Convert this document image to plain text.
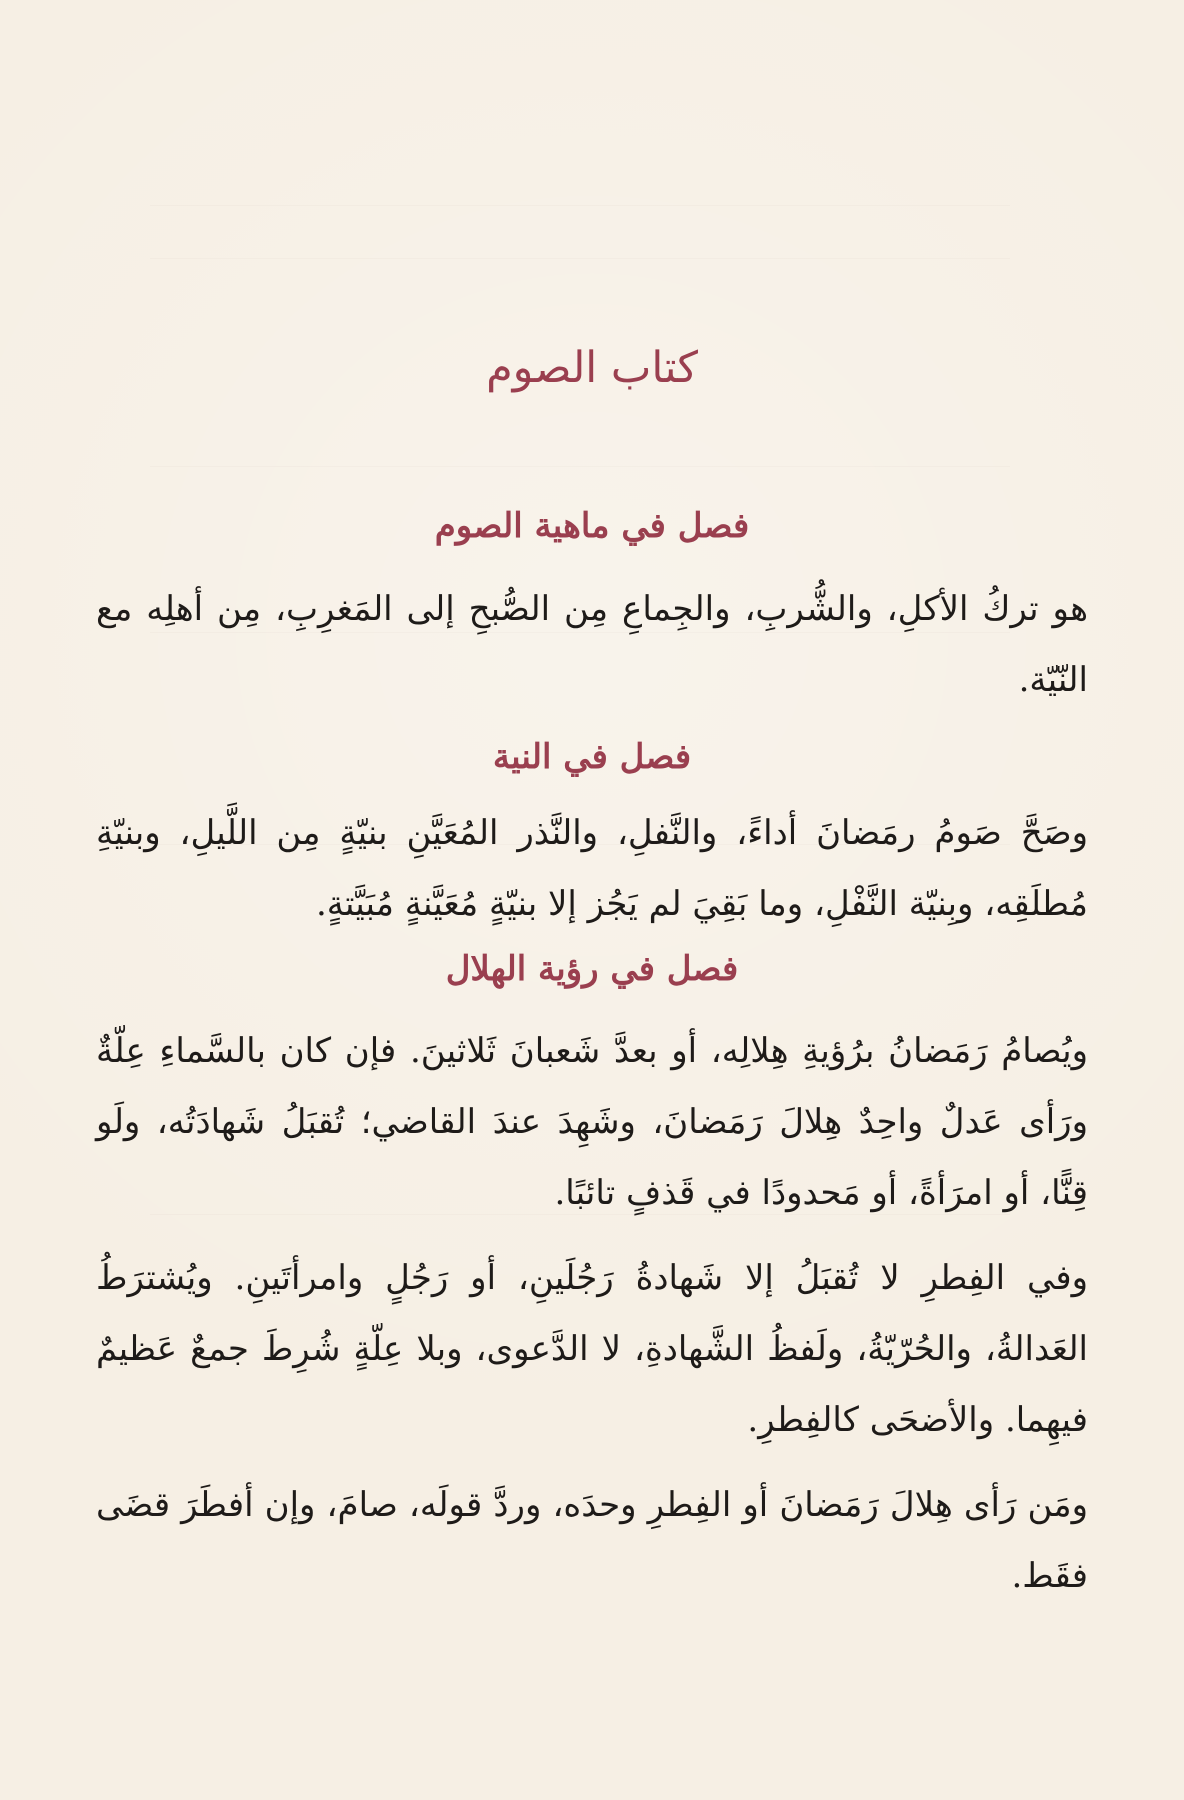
كتاب الصوم
فصل في ماهية الصوم

هو تركُ الأكلِ، والشُّربِ، والجِماعِ مِن الصُّبحِ إلى المَغرِبِ، مِن أهلِه مع النّيّة.

فصل في النية

وصَحَّ صَومُ رمَضانَ أداءً، والنَّفلِ، والنَّذر المُعَيَّنِ بنيّةٍ مِن اللَّيلِ، وبنيّةِ مُطلَقِه، وبِنيّة النَّفْلِ، وما بَقِيَ لم يَجُز إلا بنيّةٍ مُعَيَّنةٍ مُبَيَّتةٍ.

فصل في رؤية الهلال

ويُصامُ رَمَضانُ برُؤيةِ هِلالِه، أو بعدَّ شَعبانَ ثَلاثينَ. فإن كان بالسَّماءِ عِلّةٌ ورَأى عَدلٌ واحِدٌ هِلالَ رَمَضانَ، وشَهِدَ عندَ القاضي؛ تُقبَلُ شَهادَتُه، ولَو قِنًّا، أو امرَأةً، أو مَحدودًا في قَذفٍ تائبًا.

وفي الفِطرِ لا تُقبَلُ إلا شَهادةُ رَجُلَينِ، أو رَجُلٍ وامرأتَينِ. ويُشترَطُ العَدالةُ، والحُرّيّةُ، ولَفظُ الشَّهادةِ، لا الدَّعوى، وبلا عِلّةٍ شُرِطَ جمعٌ عَظيمٌ فيهِما. والأضحَى كالفِطرِ.

ومَن رَأى هِلالَ رَمَضانَ أو الفِطرِ وحدَه، وردَّ قولَه، صامَ، وإن أفطَرَ قضَى فقَط.
